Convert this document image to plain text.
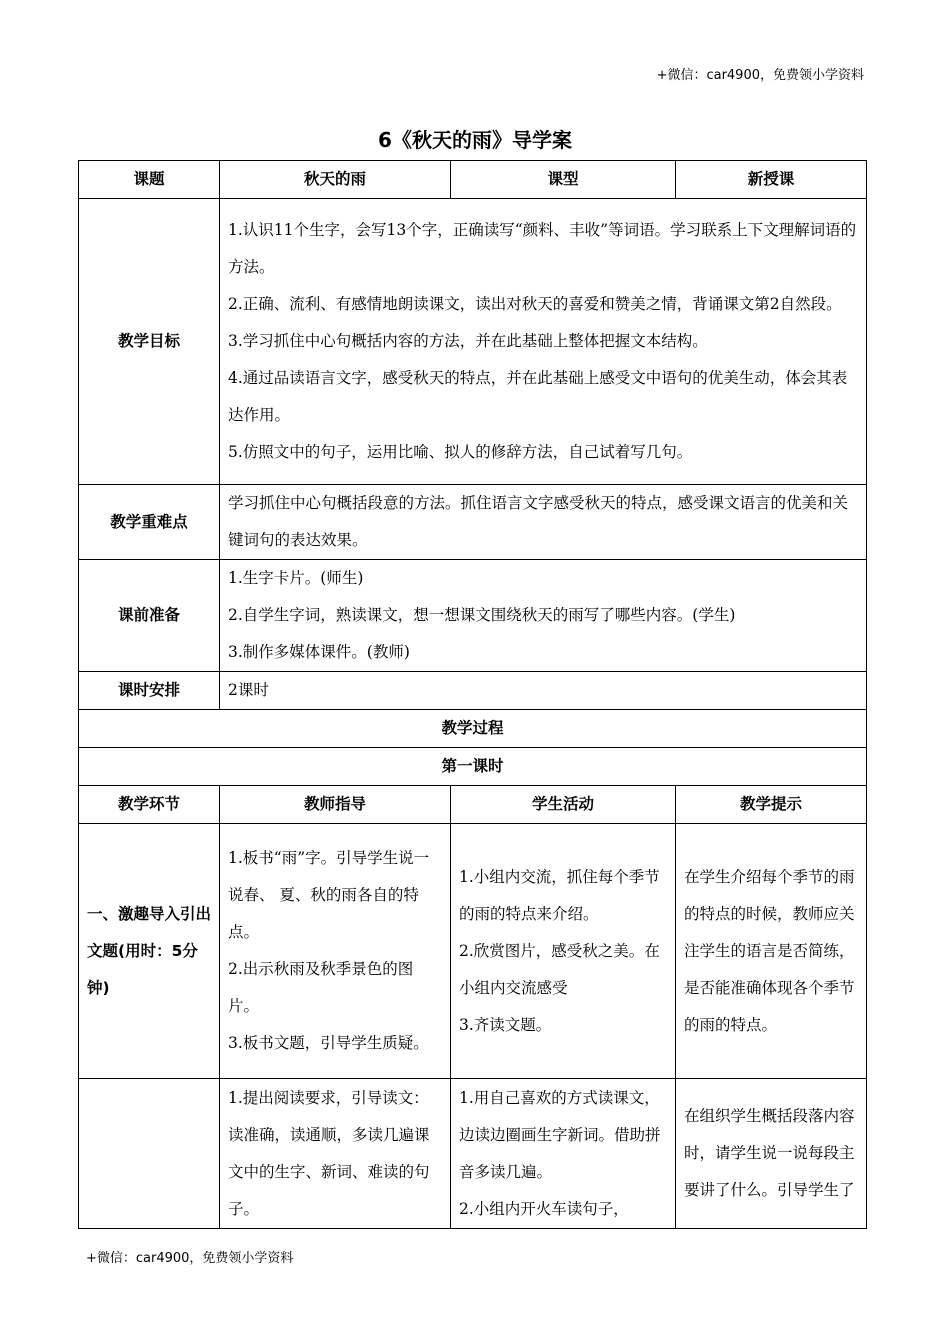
+微信：car4900，免费领小学资料
6《秋天的雨》导学案
课题	秋天的雨	课型	新授课
教学目标	1.认识11个生字，会写13个字，正确读写“颜料、丰收”等词语。学习联系上下文理解词语的方法。
2.正确、流利、有感情地朗读课文，读出对秋天的喜爱和赞美之情，背诵课文第2自然段。
3.学习抓住中心句概括内容的方法，并在此基础上整体把握文本结构。
4.通过品读语言文字，感受秋天的特点，并在此基础上感受文中语句的优美生动，体会其表达作用。
5.仿照文中的句子，运用比喻、拟人的修辞方法，自己试着写几句。		

教学重难点	学习抓住中心句概括段意的方法。抓住语言文字感受秋天的特点，感受课文语言的优美和关键词句的表达效果。		
课前准备	1.生字卡片。(师生)
2.自学生字词，熟读课文，想一想课文围绕秋天的雨写了哪些内容。(学生)
3.制作多媒体课件。(教师)		

课时安排	2课时		
教学过程			
第一课时			
教学环节	教师指导	学生活动	教学提示
一、激趣导入引出文题(用时：5分钟)	1.板书“雨”字。引导学生说一说春、 夏、秋的雨各自的特点。
2.出示秋雨及秋季景色的图片。
3.板书文题，引导学生质疑。	1.小组内交流，抓住每个季节的雨的特点来介绍。
2.欣赏图片，感受秋之美。在小组内交流感受
3.齐读文题。	在学生介绍每个季节的雨的特点的时候，教师应关注学生的语言是否简练，是否能准确体现各个季节的雨的特点。

	1.提出阅读要求，引导读文：读准确，读通顺，多读几遍课文中的生字、新词、难读的句子。	1.用自己喜欢的方式读课文，边读边圈画生字新词。借助拼音多读几遍。
2.小组内开火车读句子，	在组织学生概括段落内容时，请学生说一说每段主要讲了什么。引导学生了
+微信：car4900，免费领小学资料
